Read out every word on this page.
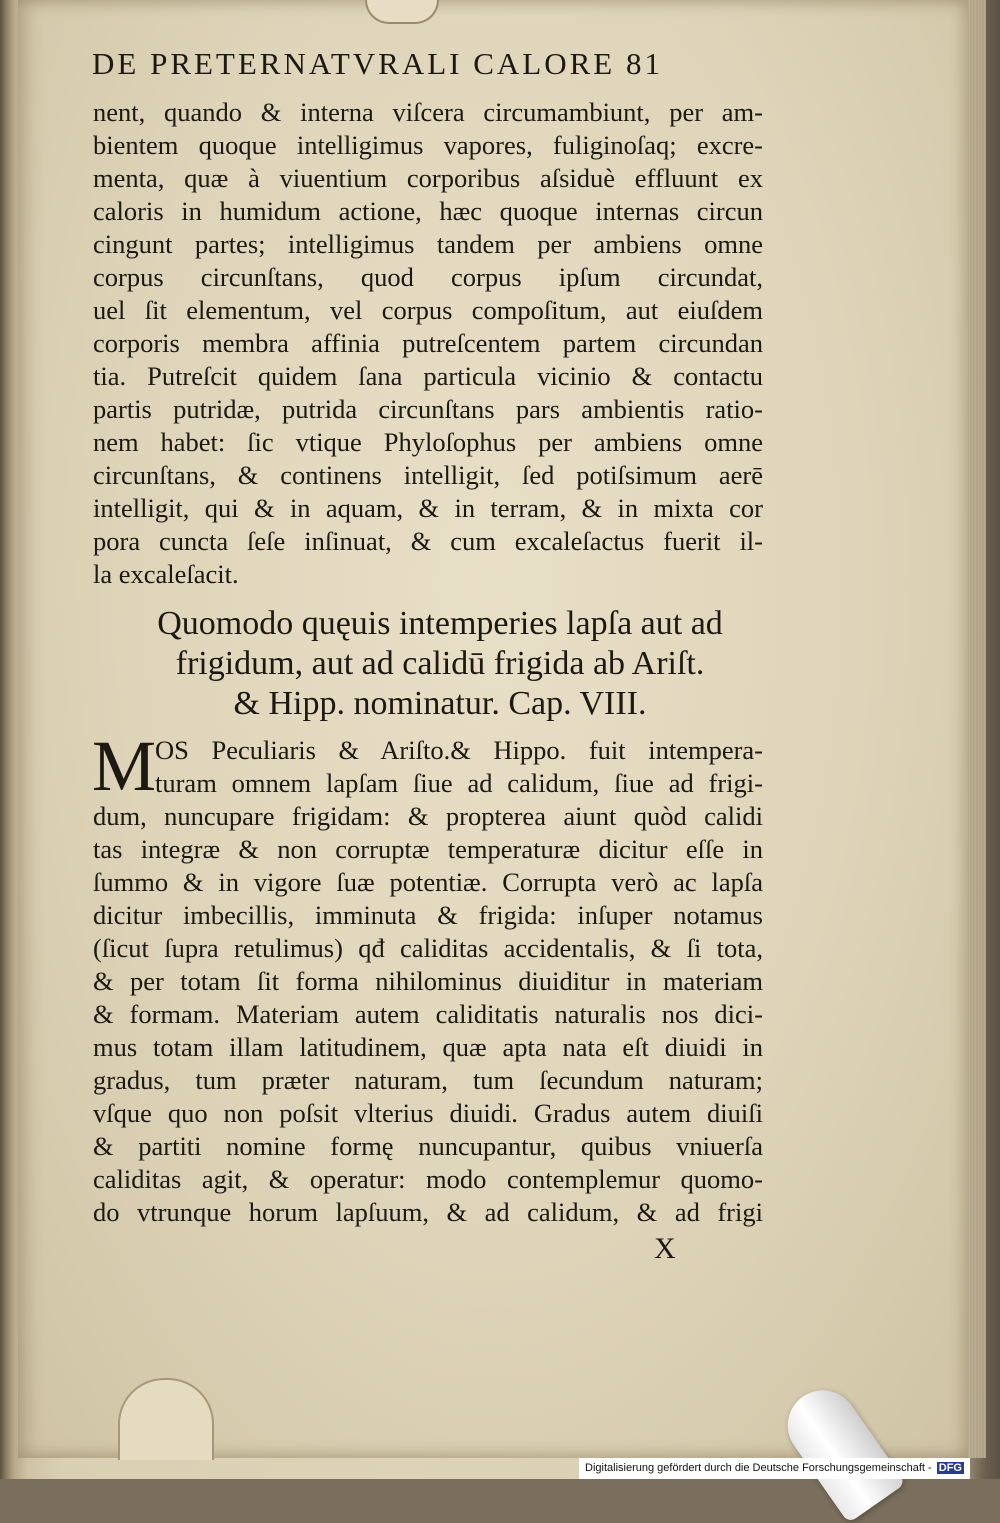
DE PRETERNATVRALI CALORE 81
nent, quando & interna viſcera circumambiunt, per am-
bientem quoque intelligimus vapores, fuliginoſaq; excre-
menta, quæ à viuentium corporibus aſsiduè effluunt ex
caloris in humidum actione, hæc quoque internas circun
cingunt partes; intelligimus tandem per ambiens omne
corpus circunſtans, quod corpus ipſum circundat,
uel ſit elementum, vel corpus compoſitum, aut eiuſdem
corporis membra affinia putreſcentem partem circundan
tia. Putreſcit quidem ſana particula vicinio & contactu
partis putridæ, putrida circunſtans pars ambientis ratio-
nem habet: ſic vtique Phyloſophus per ambiens omne
circunſtans, & continens intelligit, ſed potiſsimum aerē
intelligit, qui & in aquam, & in terram, & in mixta cor
pora cuncta ſeſe inſinuat, & cum excaleſactus fuerit il-
la excaleſacit.
Quomodo quęuis intemperies lapſa aut ad
frigidum, aut ad calidū frigida ab Ariſt.
& Hipp. nominatur. Cap. VIII.
M
OS Peculiaris & Ariſto.& Hippo. fuit intempera-
turam omnem lapſam ſiue ad calidum, ſiue ad frigi-
dum, nuncupare frigidam: & propterea aiunt quòd calidi
tas integræ & non corruptæ temperaturæ dicitur eſſe in
ſummo & in vigore ſuæ potentiæ. Corrupta verò ac lapſa
dicitur imbecillis, imminuta & frigida: inſuper notamus
(ſicut ſupra retulimus) qđ caliditas accidentalis, & ſi tota,
& per totam ſit forma nihilominus diuiditur in materiam
& formam. Materiam autem caliditatis naturalis nos dici-
mus totam illam latitudinem, quæ apta nata eſt diuidi in
gradus, tum præter naturam, tum ſecundum naturam;
vſque quo non poſsit vlterius diuidi. Gradus autem diuiſi
& partiti nomine formę nuncupantur, quibus vniuerſa
caliditas agit, & operatur: modo contemplemur quomo-
do vtrunque horum lapſuum, & ad calidum, & ad frigi
X
Digitalisierung gefördert durch die Deutsche Forschungsgemeinschaft - DFG
